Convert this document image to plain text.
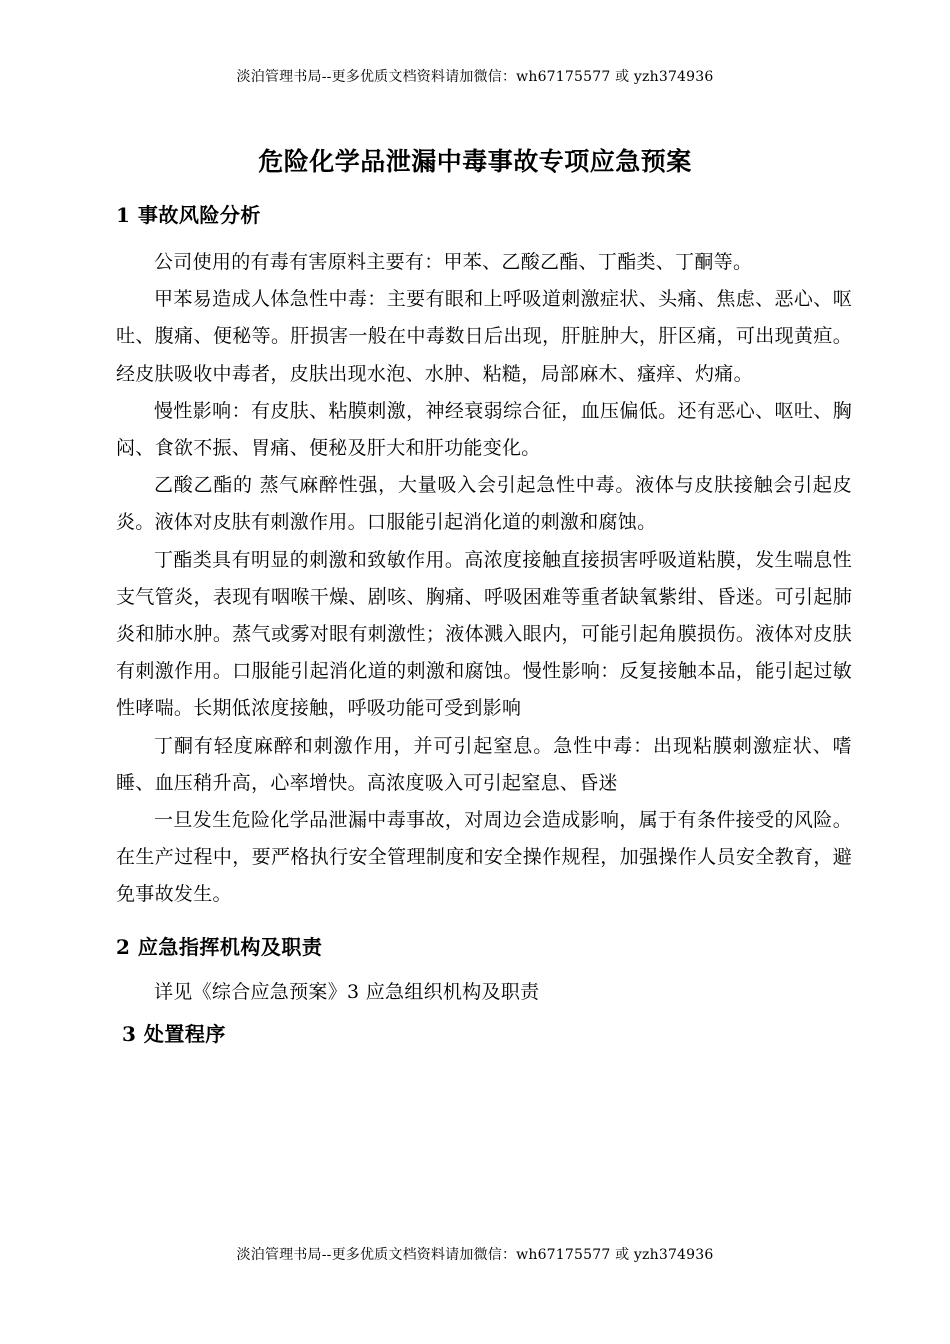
淡泊管理书局--更多优质文档资料请加微信：wh67175577 或 yzh374936
危险化学品泄漏中毒事故专项应急预案
1 事故风险分析

公司使用的有毒有害原料主要有：甲苯、乙酸乙酯、丁酯类、丁酮等。

甲苯易造成人体急性中毒：主要有眼和上呼吸道刺激症状、头痛、焦虑、恶心、呕吐、腹痛、便秘等。肝损害一般在中毒数日后出现，肝脏肿大，肝区痛，可出现黄疸。经皮肤吸收中毒者，皮肤出现水泡、水肿、粘糙，局部麻木、瘙痒、灼痛。

慢性影响：有皮肤、粘膜刺激，神经衰弱综合征，血压偏低。还有恶心、呕吐、胸闷、食欲不振、胃痛、便秘及肝大和肝功能变化。

乙酸乙酯的 蒸气麻醉性强，大量吸入会引起急性中毒。液体与皮肤接触会引起皮炎。液体对皮肤有刺激作用。口服能引起消化道的刺激和腐蚀。

丁酯类具有明显的刺激和致敏作用。高浓度接触直接损害呼吸道粘膜，发生喘息性支气管炎，表现有咽喉干燥、剧咳、胸痛、呼吸困难等重者缺氧紫绀、昏迷。可引起肺炎和肺水肿。蒸气或雾对眼有刺激性；液体溅入眼内，可能引起角膜损伤。液体对皮肤有刺激作用。口服能引起消化道的刺激和腐蚀。慢性影响：反复接触本品，能引起过敏性哮喘。长期低浓度接触，呼吸功能可受到影响

丁酮有轻度麻醉和刺激作用，并可引起窒息。急性中毒：出现粘膜刺激症状、嗜睡、血压稍升高，心率增快。高浓度吸入可引起窒息、昏迷

一旦发生危险化学品泄漏中毒事故，对周边会造成影响，属于有条件接受的风险。在生产过程中，要严格执行安全管理制度和安全操作规程，加强操作人员安全教育，避免事故发生。

2 应急指挥机构及职责

详见《综合应急预案》3 应急组织机构及职责

3 处置程序
淡泊管理书局--更多优质文档资料请加微信：wh67175577 或 yzh374936
